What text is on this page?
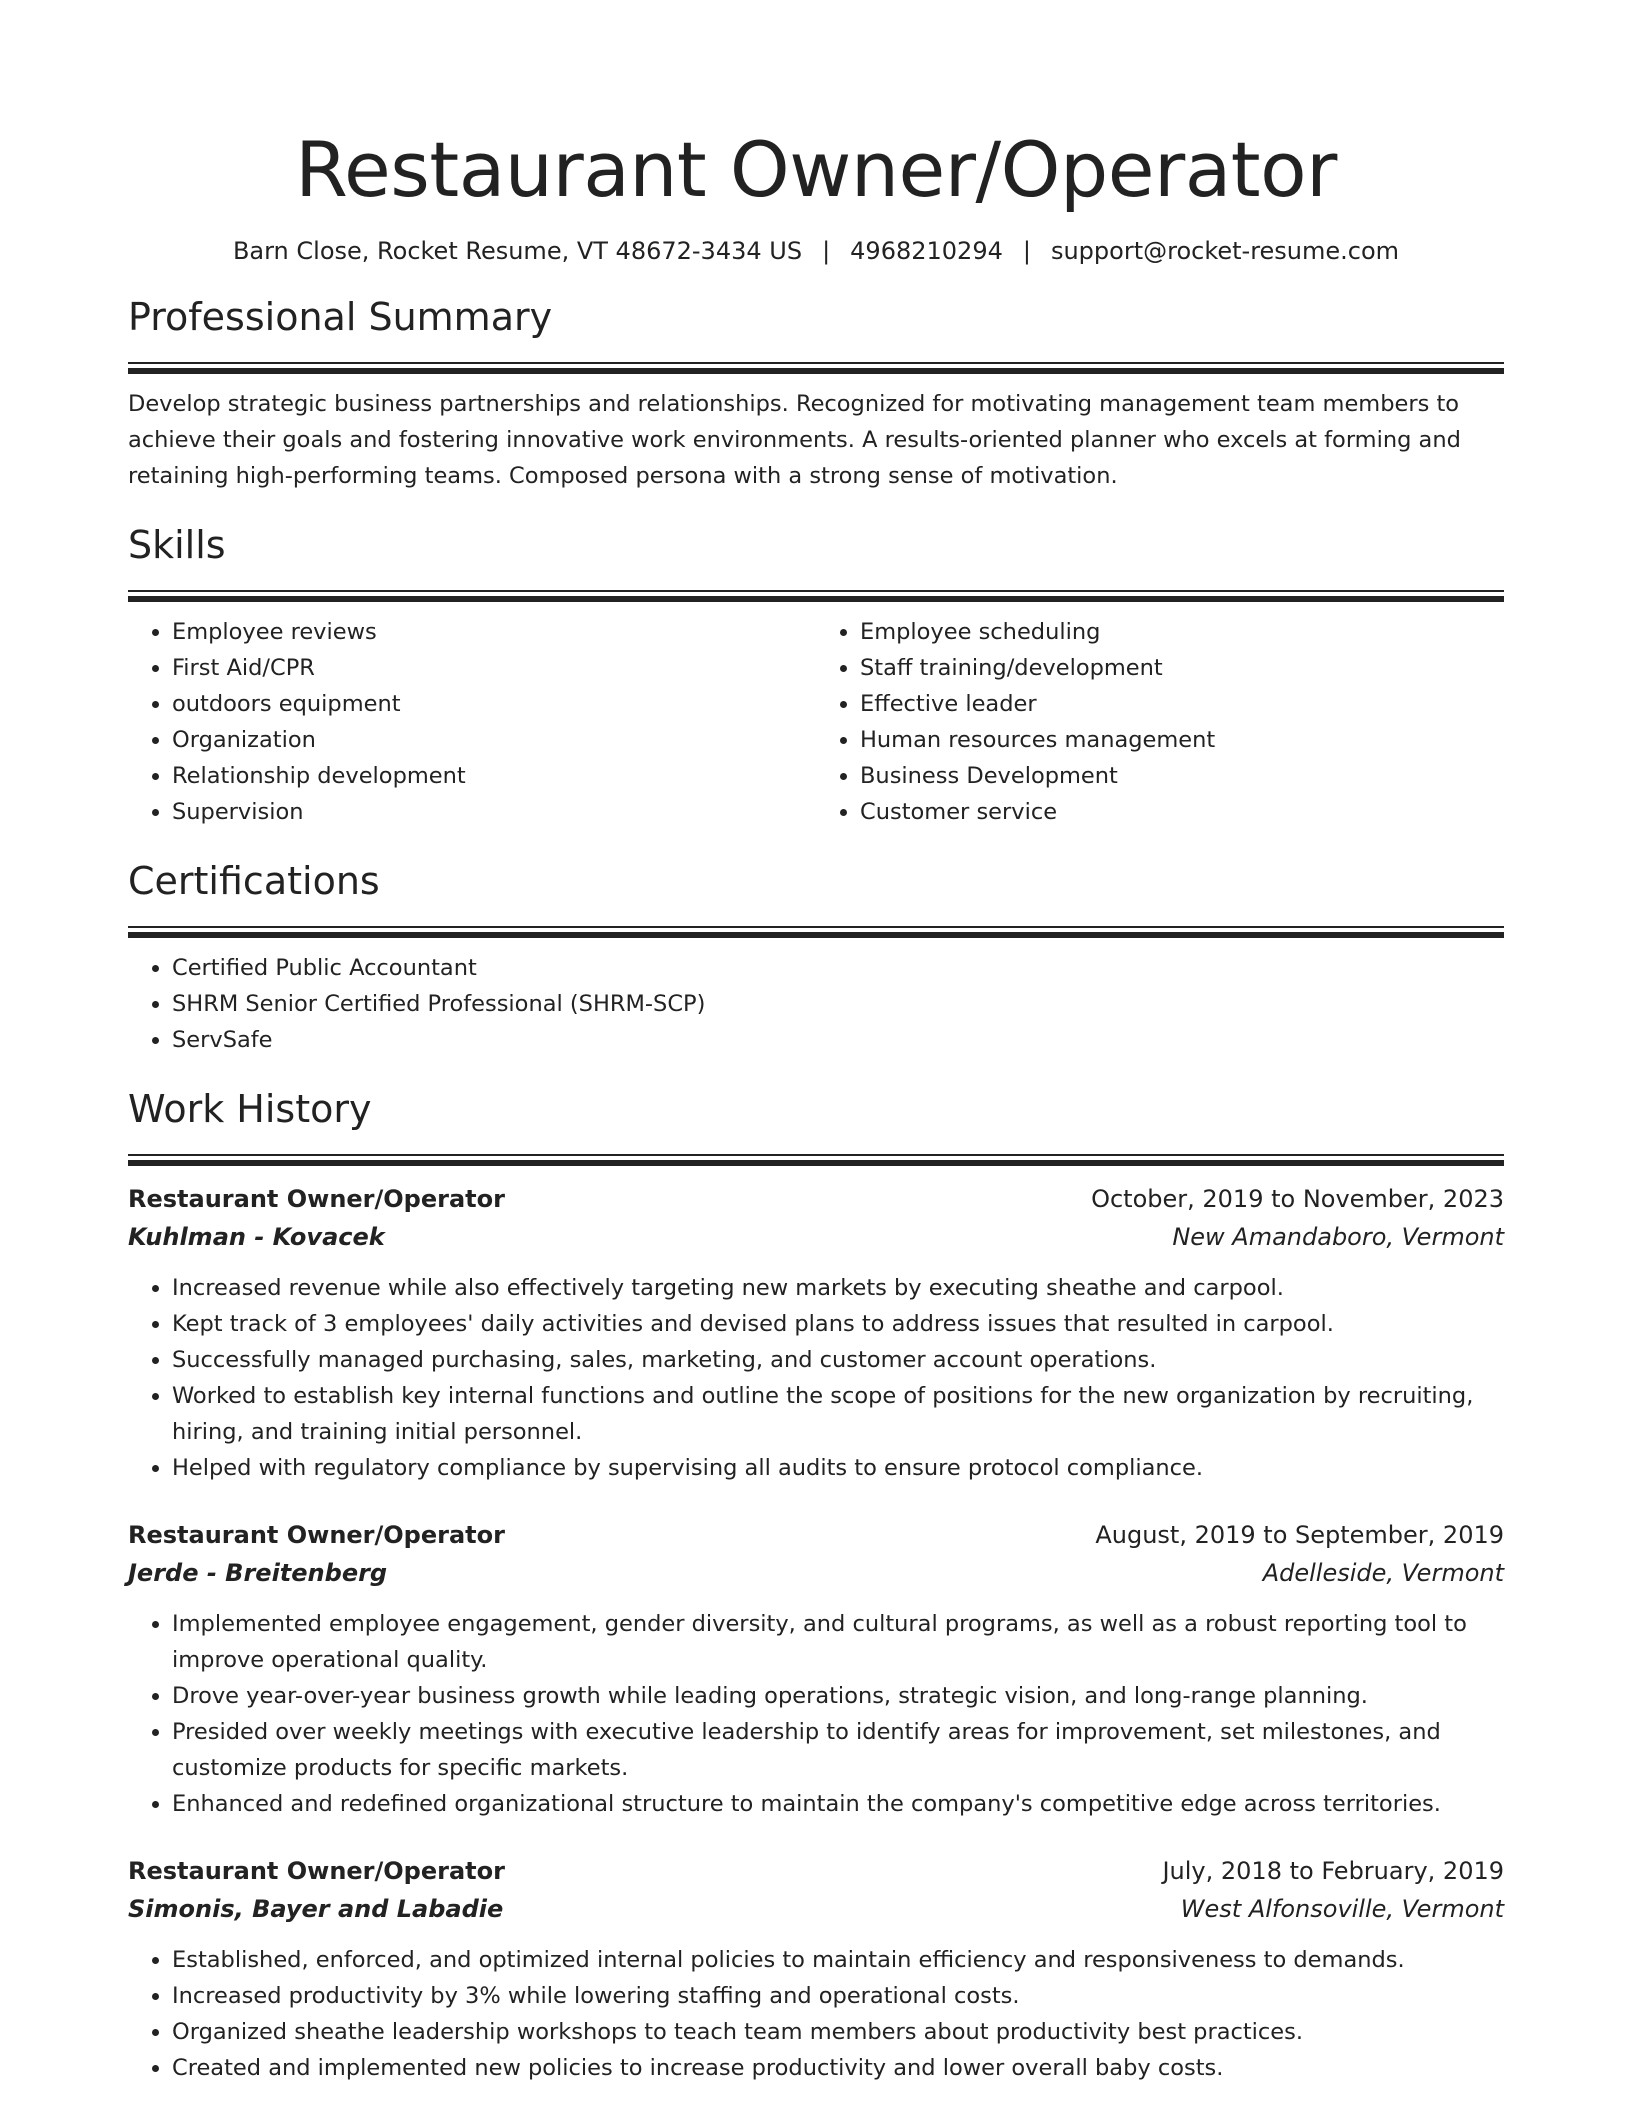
Restaurant Owner/Operator
Barn Close, Rocket Resume, VT 48672-3434 US | 4968210294 | support@rocket-resume.com
Professional Summary
Develop strategic business partnerships and relationships. Recognized for motivating management team members to achieve their goals and fostering innovative work environments. A results-oriented planner who excels at forming and retaining high-performing teams. Composed persona with a strong sense of motivation.
Skills
• Employee reviews
• First Aid/CPR
• outdoors equipment
• Organization
• Relationship development
• Supervision
• Employee scheduling
• Staff training/development
• Effective leader
• Human resources management
• Business Development
• Customer service
Certifications
• Certified Public Accountant
• SHRM Senior Certified Professional (SHRM-SCP)
• ServSafe
Work History
Restaurant Owner/Operator	October, 2019 to November, 2023
Kuhlman - Kovacek	New Amandaboro, Vermont
• Increased revenue while also effectively targeting new markets by executing sheathe and carpool.
• Kept track of 3 employees' daily activities and devised plans to address issues that resulted in carpool.
• Successfully managed purchasing, sales, marketing, and customer account operations.
• Worked to establish key internal functions and outline the scope of positions for the new organization by recruiting, hiring, and training initial personnel.
• Helped with regulatory compliance by supervising all audits to ensure protocol compliance.
Restaurant Owner/Operator	August, 2019 to September, 2019
Jerde - Breitenberg	Adelleside, Vermont
• Implemented employee engagement, gender diversity, and cultural programs, as well as a robust reporting tool to improve operational quality.
• Drove year-over-year business growth while leading operations, strategic vision, and long-range planning.
• Presided over weekly meetings with executive leadership to identify areas for improvement, set milestones, and customize products for specific markets.
• Enhanced and redefined organizational structure to maintain the company's competitive edge across territories.
Restaurant Owner/Operator	July, 2018 to February, 2019
Simonis, Bayer and Labadie	West Alfonsoville, Vermont
• Established, enforced, and optimized internal policies to maintain efficiency and responsiveness to demands.
• Increased productivity by 3% while lowering staffing and operational costs.
• Organized sheathe leadership workshops to teach team members about productivity best practices.
• Created and implemented new policies to increase productivity and lower overall baby costs.
